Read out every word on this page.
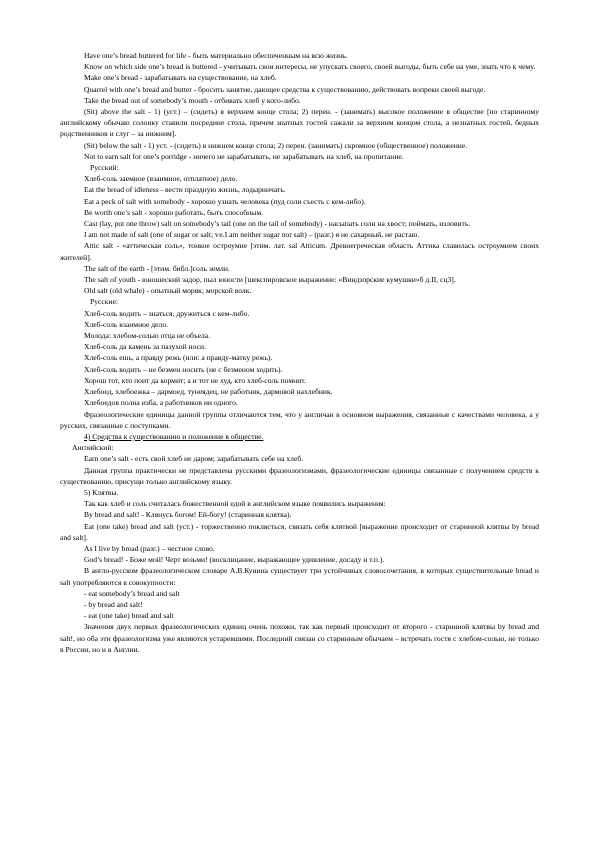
Have one’s bread buttered for life - быть материально обеспеченным на всю жизнь.

Know on which side one’s bread is buttered - учитывать свои интересы, не упускать своего, своей выгоды, быть себе на уме, знать что к чему.

Make one’s bread - зарабатывать на существование, на хлеб.

Quarrel with one’s bread and butter - бросить занятие, дающее средства к существованию, действовать вопреки своей выгоде.

Take the bread out of somebody’s mouth - отбивать хлеб у кого-либо.

(Sit) above the salt - 1) (уст.) – (сидеть) в верхнем конце стола; 2) перен. - (занимать) высокое положение в обществе [по старинному английскому обычаю солонку ставили посредине стола, причем знатных гостей сажали за верхним концом стола, а незнатных гостей, бедных родственников и слуг – за нижним].

(Sit) below the salt - 1) уст. - (сидеть) в нижнем конце стола; 2) перен. (занимать) скромное (общественное) положение.

Not to earn salt for one’s porridge - ничего не зарабатывать, не зарабатывать на хлеб, на пропитание.

Русский:

Хлеб-соль заемное (взаимное, отплатное) дело.

Eat the bread of idleness - вести праздную жизнь, лодырничать.

Eat a peck of salt with somebody - хорошо узнать человека (пуд соли съесть с кем-либо).

Be worth one’s salt - хорошо работать, быть способным.

Cast (lay, put one throw) salt on somebody’s tail (one on the tail of somebody) - насыпать соли на хвост; поймать, изловить.

I am not made of salt (one of sugar or salt; ѵе.I am neither sugar nor salt) – (разг.) я не сахарный, не растаю.

Attic salt - «аттическая соль», тонкое остроумие [этим. лат. sal Atticum. Древнегреческая область Аттика славилась остроумием своих жителей].

The salt of the earth - [этим. библ.]соль земли.

The salt of youth - юношеский задор, пыл юности [шекспировское выражение: «Виндзорские кумушки»б д.II, сц3].

Old salt (old whale) - опытный моряк; морской волк.

Русские:

Хлеб-соль водить – знаться, дружиться с кем-либо.

Хлеб-соль взаимное дело.

Молода: хлебом-солью отца не объела.

Хлеб-соль да камень за пазухой носи.

Хлеб-соль ешь, а правду режь (или: а правду-матку режь).

Хлеб-соль водить – не безмен носить (не с безменом ходить).

Хорош тот, кто поит да кормит; а и тот не худ, кто хлеб-соль помнит.

Хлебоед, хлебоежка – дармоед, тунеядец, не работник, дармовой нахлебник.

Хлебоедов полна изба, а работников ни одного.

Фразеологические единицы данной группы отличаются тем, что у англичан в основном выражения, связанные с качествами человека, а у русских, связанные с поступками.

4) Средства к существованию и положение в обществе.

Английский:

Earn one’s salt - есть свой хлеб не даром; зарабатывать себе на хлеб.

Данная группа практически не представлена русскими фразеологизмами, фразеологические единицы связанные с получением средств к существованию, присущи только английскому языку.

5) Клятвы.

Так как хлеб и соль считалась божественной едой в английском языке появились выражения:

By bread and salt! - Клянусь богом! Ей-богу! (старинная клятва).

Eat (one take) bread and salt (уст.) - торжественно поклясться, связать себя клятвой [выражение происходит от старинной клятвы by bread and salt].

As I live by bread (разг.) – честное слово.

God’s bread! - Боже мой! Черт возьми! (восклицание, выражающее удивление, досаду и т.п.).

В англо-русском фразеологическом словаре А.В.Кунина существует три устойчивых словосочетания, в которых существительные bread и salt употребляются в совокупности:

- eat somebody’s bread and salt

- by bread and salt!

- eat (one take) bread and salt

Значения двух первых фразеологических единиц очень похожи, так как первый происходит от второго - старинной клятвы by bread and salt!, но оба эти фразеологизма уже являются устаревшими. Последний связан со старинным обычаем – встречать гостя с хлебом-солью, не только в России, но и в Англии.
